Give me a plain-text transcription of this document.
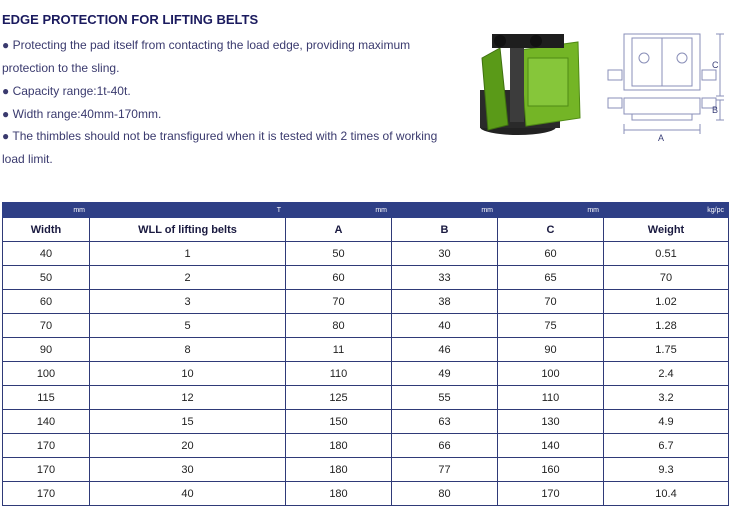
EDGE PROTECTION FOR LIFTING BELTS
● Protecting the pad itself from contacting the load edge, providing maximum
protection to the sling.
● Capacity range:1t-40t.
● Width range:40mm-170mm.
● The thimbles should not be transfigured when it is tested with 2 times of working
load limit.
A
C
B
mm	T	mm	mm	mm	kg/pc
Width	WLL of lifting belts	A	B	C	Weight
40	1	50	30	60	0.51
50	2	60	33	65	70
60	3	70	38	70	1.02
70	5	80	40	75	1.28
90	8	11	46	90	1.75
100	10	110	49	100	2.4
115	12	125	55	110	3.2
140	15	150	63	130	4.9
170	20	180	66	140	6.7
170	30	180	77	160	9.3
170	40	180	80	170	10.4
